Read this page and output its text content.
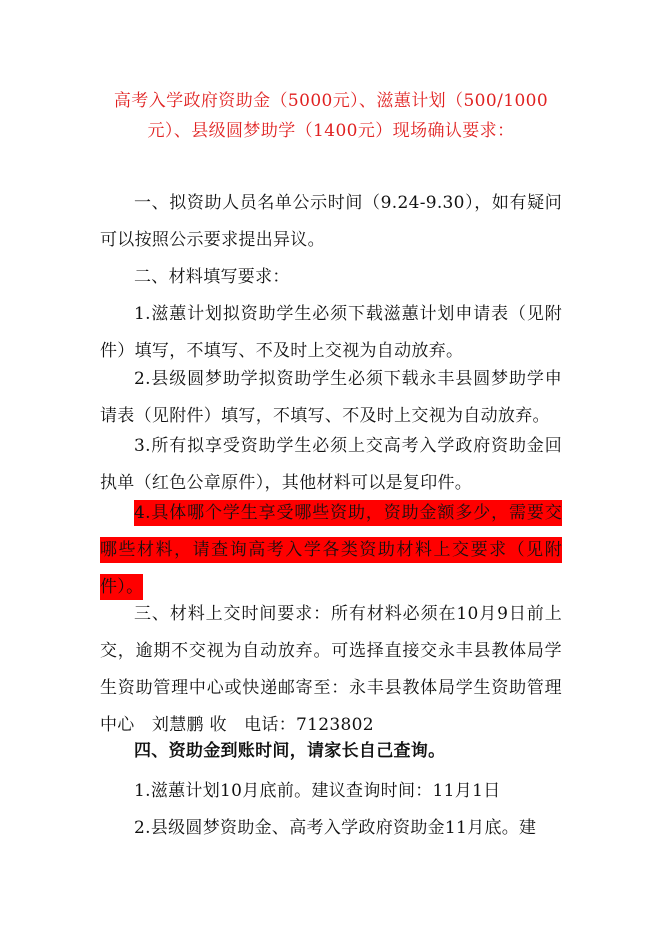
高考入学政府资助金（5000元）、滋蕙计划（500/1000元）、县级圆梦助学（1400元）现场确认要求：

一、拟资助人员名单公示时间（9.24-9.30），如有疑问可以按照公示要求提出异议。

二、材料填写要求：

1.滋蕙计划拟资助学生必须下载滋蕙计划申请表（见附件）填写，不填写、不及时上交视为自动放弃。

2.县级圆梦助学拟资助学生必须下载永丰县圆梦助学申请表（见附件）填写，不填写、不及时上交视为自动放弃。

3.所有拟享受资助学生必须上交高考入学政府资助金回执单（红色公章原件），其他材料可以是复印件。

4.具体哪个学生享受哪些资助，资助金额多少，需要交哪些材料，请查询高考入学各类资助材料上交要求（见附件）。

三、材料上交时间要求：所有材料必须在10月9日前上交，逾期不交视为自动放弃。可选择直接交永丰县教体局学生资助管理中心或快递邮寄至：永丰县教体局学生资助管理中心　刘慧鹏 收　电话：7123802

四、资助金到账时间，请家长自己查询。

1.滋蕙计划10月底前。建议查询时间：11月1日

2.县级圆梦资助金、高考入学政府资助金11月底。建
